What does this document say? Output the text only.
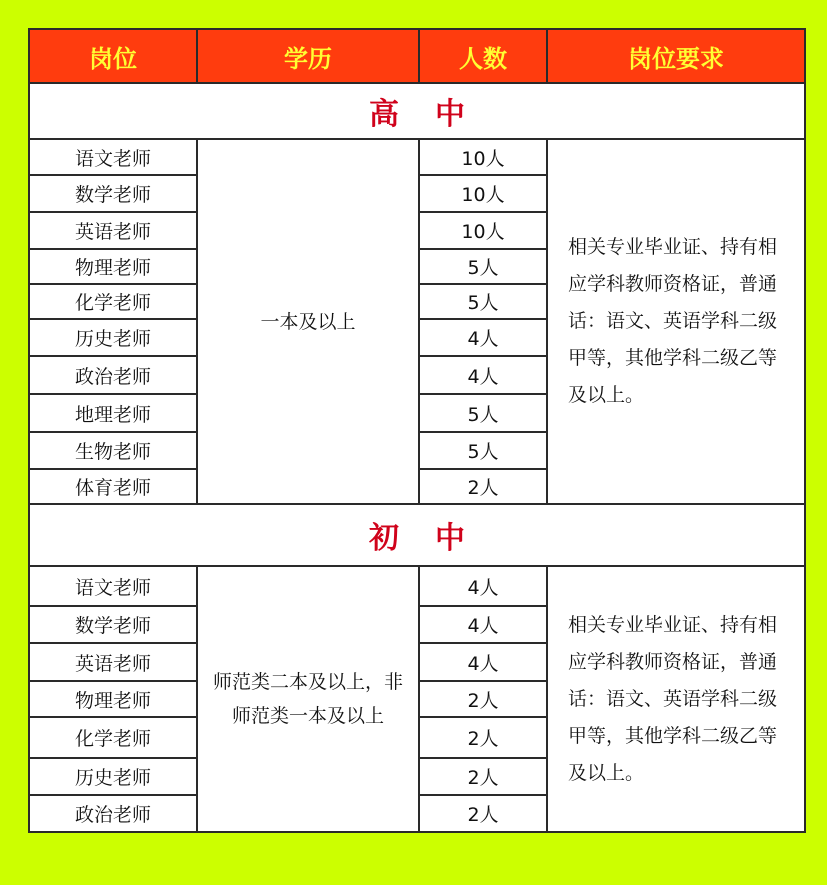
岗位	学历	人数	岗位要求
高中			
语文老师	一本及以上	10人	相关专业毕业证、持有相应学科教师资格证，普通话：语文、英语学科二级甲等，其他学科二级乙等及以上。
数学老师		10人	
英语老师		10人	
物理老师		5人	
化学老师		5人	
历史老师		4人	
政治老师		4人	
地理老师		5人	
生物老师		5人	
体育老师		2人	
初中			
语文老师	师范类二本及以上，非师范类一本及以上	4人	相关专业毕业证、持有相应学科教师资格证，普通话：语文、英语学科二级甲等，其他学科二级乙等及以上。
数学老师		4人	
英语老师		4人	
物理老师		2人	
化学老师		2人	
历史老师		2人	
政治老师		2人	
